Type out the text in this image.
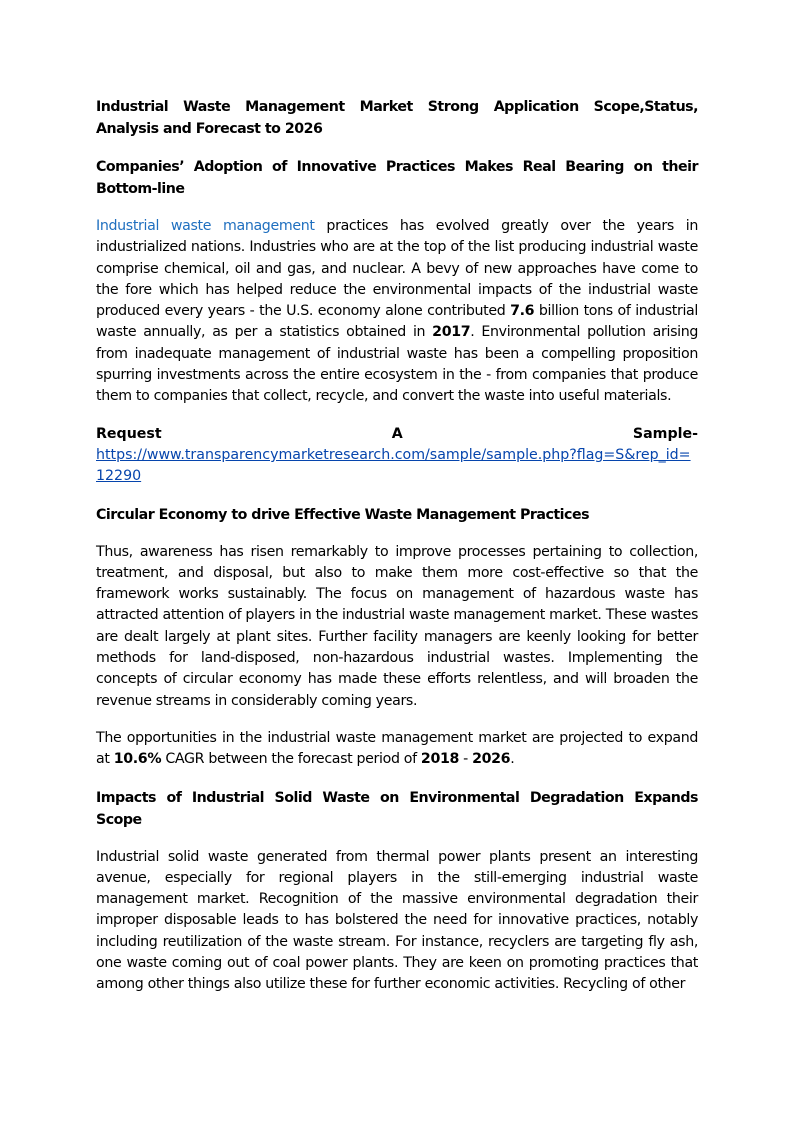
Industrial Waste Management Market Strong Application Scope,Status, Analysis and Forecast to 2026
Companies’ Adoption of Innovative Practices Makes Real Bearing on their Bottom-line

Industrial waste management practices has evolved greatly over the years in industrialized nations. Industries who are at the top of the list producing industrial waste comprise chemical, oil and gas, and nuclear. A bevy of new approaches have come to the fore which has helped reduce the environmental impacts of the industrial waste produced every years - the U.S. economy alone contributed 7.6 billion tons of industrial waste annually, as per a statistics obtained in 2017. Environmental pollution arising from inadequate management of industrial waste has been a compelling proposition spurring investments across the entire ecosystem in the - from companies that produce them to companies that collect, recycle, and convert the waste into useful materials.

Request	A	Sample-
https://www.transparencymarketresearch.com/sample/sample.php?flag=S&rep_id=12290
Circular Economy to drive Effective Waste Management Practices

Thus, awareness has risen remarkably to improve processes pertaining to collection, treatment, and disposal, but also to make them more cost-effective so that the framework works sustainably. The focus on management of hazardous waste has attracted attention of players in the industrial waste management market. These wastes are dealt largely at plant sites. Further facility managers are keenly looking for better methods for land-disposed, non-hazardous industrial wastes. Implementing the concepts of circular economy has made these efforts relentless, and will broaden the revenue streams in considerably coming years.

The opportunities in the industrial waste management market are projected to expand at 10.6% CAGR between the forecast period of 2018 - 2026.

Impacts of Industrial Solid Waste on Environmental Degradation Expands Scope

Industrial solid waste generated from thermal power plants present an interesting avenue, especially for regional players in the still-emerging industrial waste management market. Recognition of the massive environmental degradation their improper disposable leads to has bolstered the need for innovative practices, notably including reutilization of the waste stream. For instance, recyclers are targeting fly ash, one waste coming out of coal power plants. They are keen on promoting practices that among other things also utilize these for further economic activities. Recycling of other
